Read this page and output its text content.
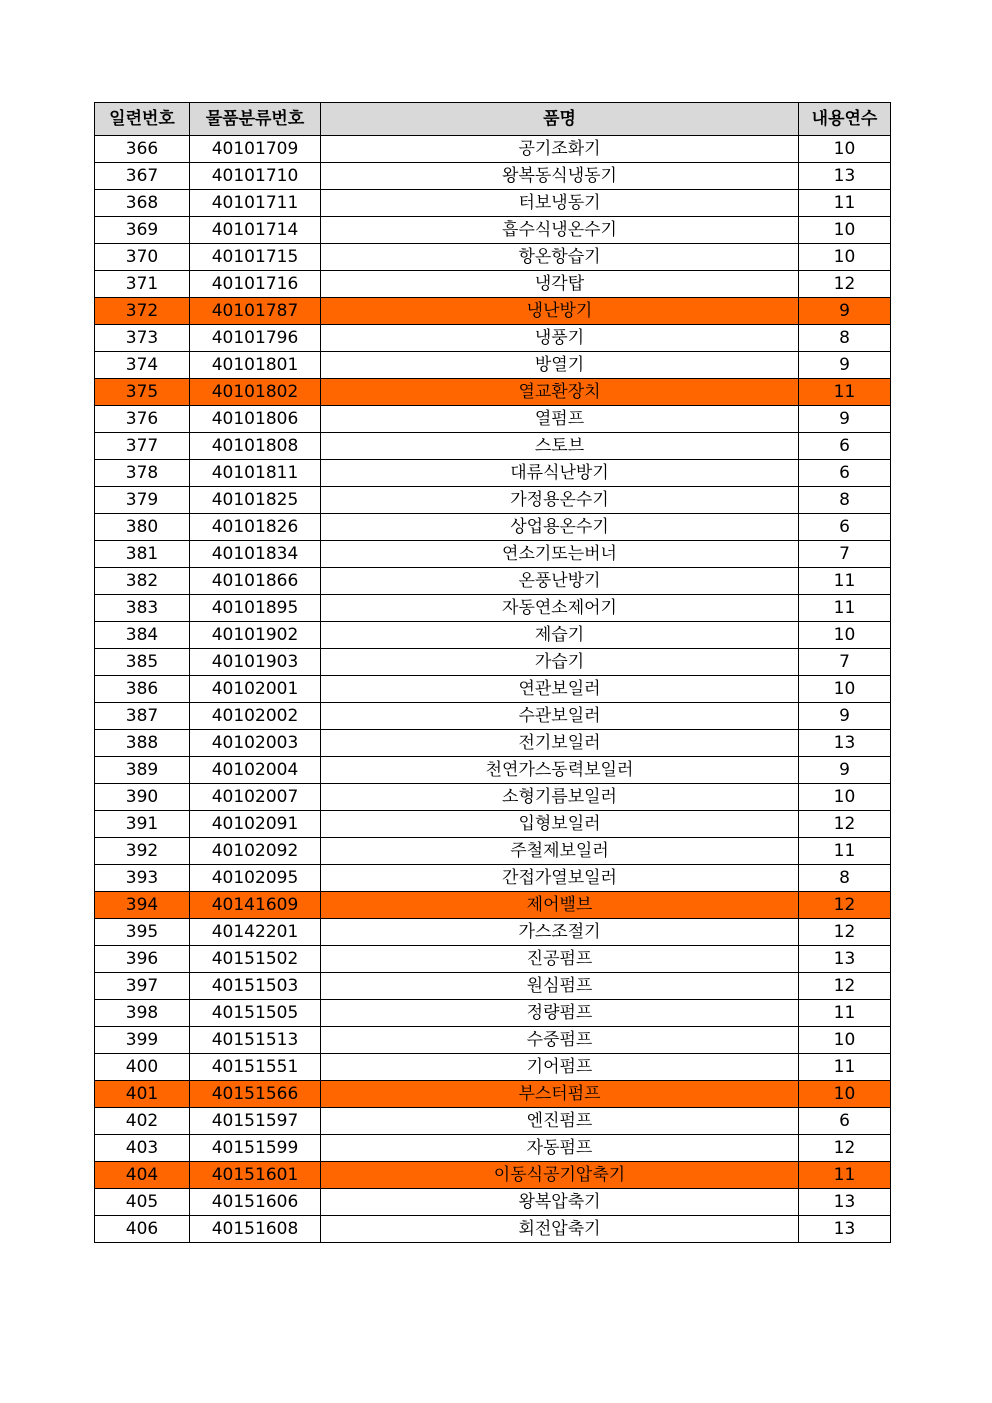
일련번호	물품분류번호	품명	내용연수
366	40101709	공기조화기	10
367	40101710	왕복동식냉동기	13
368	40101711	터보냉동기	11
369	40101714	흡수식냉온수기	10
370	40101715	항온항습기	10
371	40101716	냉각탑	12
372	40101787	냉난방기	9
373	40101796	냉풍기	8
374	40101801	방열기	9
375	40101802	열교환장치	11
376	40101806	열펌프	9
377	40101808	스토브	6
378	40101811	대류식난방기	6
379	40101825	가정용온수기	8
380	40101826	상업용온수기	6
381	40101834	연소기또는버너	7
382	40101866	온풍난방기	11
383	40101895	자동연소제어기	11
384	40101902	제습기	10
385	40101903	가습기	7
386	40102001	연관보일러	10
387	40102002	수관보일러	9
388	40102003	전기보일러	13
389	40102004	천연가스동력보일러	9
390	40102007	소형기름보일러	10
391	40102091	입형보일러	12
392	40102092	주철제보일러	11
393	40102095	간접가열보일러	8
394	40141609	제어밸브	12
395	40142201	가스조절기	12
396	40151502	진공펌프	13
397	40151503	원심펌프	12
398	40151505	정량펌프	11
399	40151513	수중펌프	10
400	40151551	기어펌프	11
401	40151566	부스터펌프	10
402	40151597	엔진펌프	6
403	40151599	자동펌프	12
404	40151601	이동식공기압축기	11
405	40151606	왕복압축기	13
406	40151608	회전압축기	13
